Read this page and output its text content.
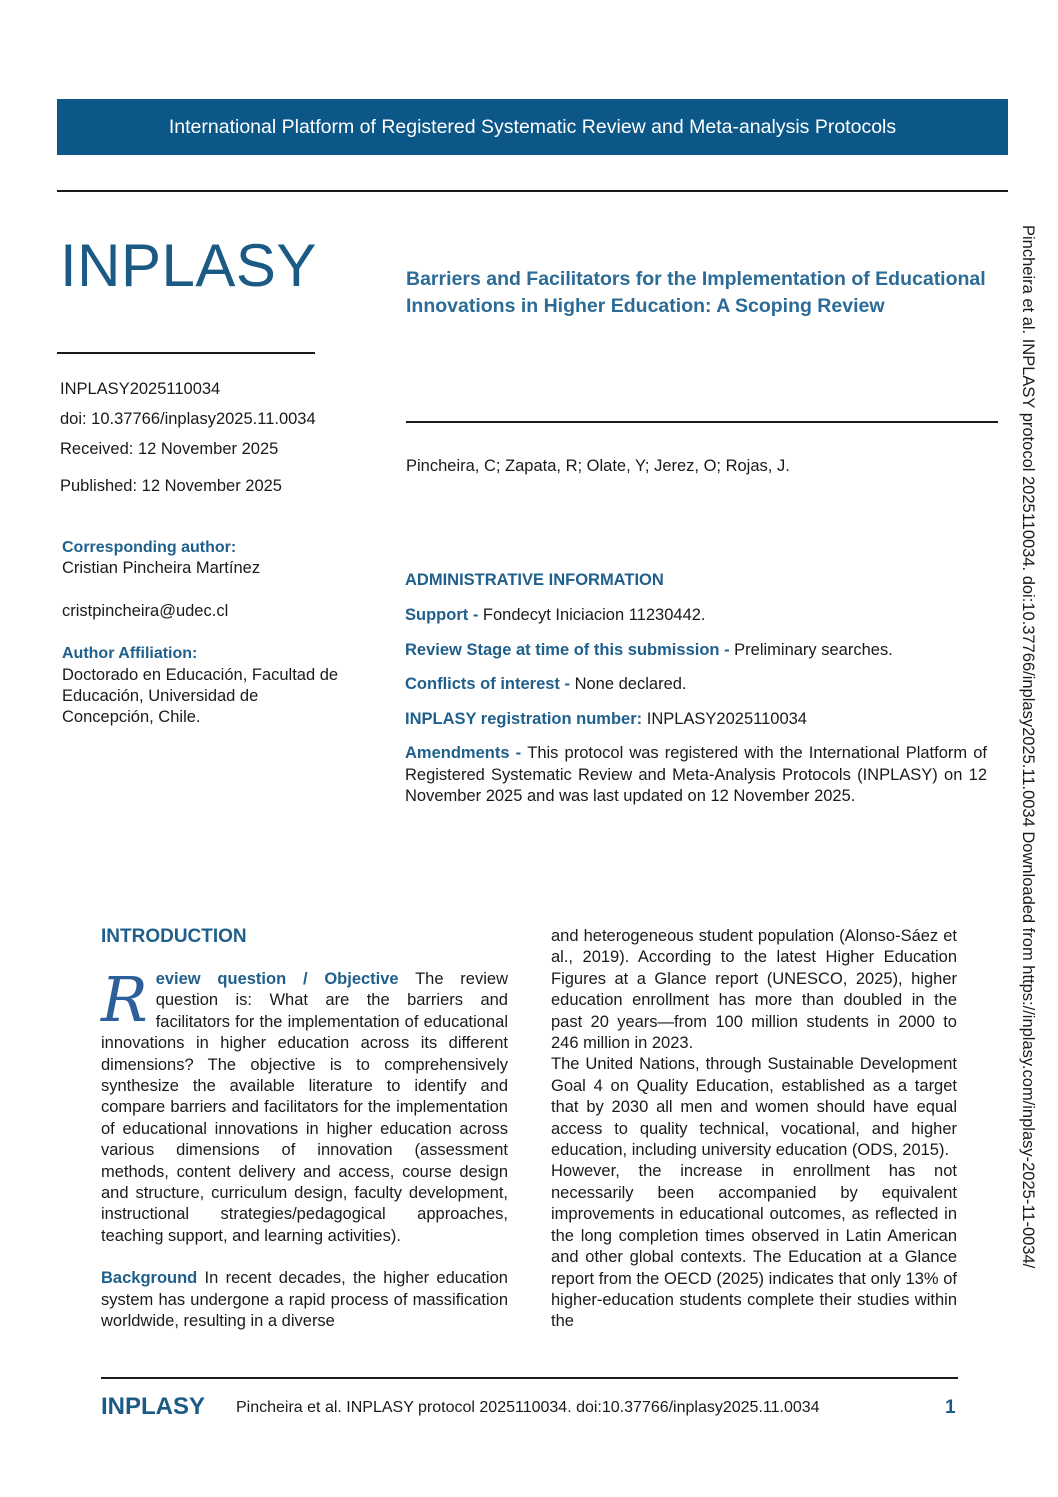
International Platform of Registered Systematic Review and Meta-analysis Protocols
INPLASY
INPLASY2025110034
doi: 10.37766/inplasy2025.11.0034
Received: 12 November 2025
Published: 12 November 2025
Corresponding author:
Cristian Pincheira Martínez
cristpincheira@udec.cl
Author Affiliation:
Doctorado en Educación, Facultad de Educación, Universidad de Concepción, Chile.
Barriers and Facilitators for the Implementation of Educational Innovations in Higher Education: A Scoping Review
Pincheira, C; Zapata, R; Olate, Y; Jerez, O; Rojas, J.
ADMINISTRATIVE INFORMATION
Support - Fondecyt Iniciacion 11230442.
Review Stage at time of this submission - Preliminary searches.
Conflicts of interest - None declared.
INPLASY registration number: INPLASY2025110034
Amendments - This protocol was registered with the International Platform of Registered Systematic Review and Meta-Analysis Protocols (INPLASY) on 12 November 2025 and was last updated on 12 November 2025.
INTRODUCTION

Review question / Objective The review question is: What are the barriers and facilitators for the implementation of educational innovations in higher education across its different dimensions? The objective is to comprehensively synthesize the available literature to identify and compare barriers and facilitators for the implementation of educational innovations in higher education across various dimensions of innovation (assessment methods, content delivery and access, course design and structure, curriculum design, faculty development, instructional strategies/pedagogical approaches, teaching support, and learning activities).

Background In recent decades, the higher education system has undergone a rapid process of massification worldwide, resulting in a diverse

and heterogeneous student population (Alonso-Sáez et al., 2019). According to the latest Higher Education Figures at a Glance report (UNESCO, 2025), higher education enrollment has more than doubled in the past 20 years—from 100 million students in 2000 to 246 million in 2023.

The United Nations, through Sustainable Development Goal 4 on Quality Education, established as a target that by 2030 all men and women should have equal access to quality technical, vocational, and higher education, including university education (ODS, 2015).

However, the increase in enrollment has not necessarily been accompanied by equivalent improvements in educational outcomes, as reflected in the long completion times observed in Latin American and other global contexts. The Education at a Glance report from the OECD (2025) indicates that only 13% of higher-education students complete their studies within the

Pincheira et al. INPLASY protocol 2025110034. doi:10.37766/inplasy2025.11.0034 Downloaded from https://inplasy.com/inplasy-2025-11-0034/
INPLASY Pincheira et al. INPLASY protocol 2025110034. doi:10.37766/inplasy2025.11.0034	1
